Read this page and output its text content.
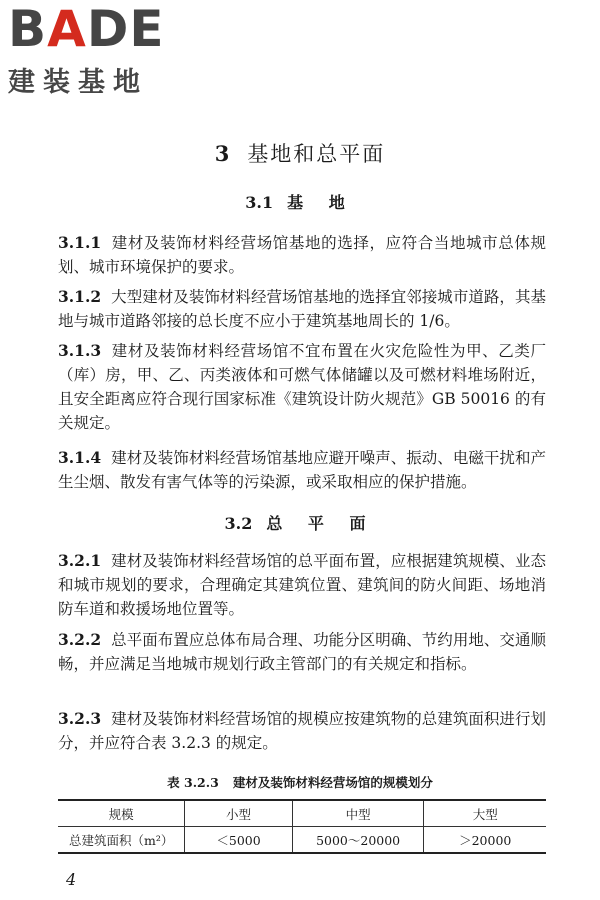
BADE
建装基地
3 基地和总平面
3.1 基 地
3.1.1 建材及装饰材料经营场馆基地的选择，应符合当地城市总体规划、城市环境保护的要求。
3.1.2 大型建材及装饰材料经营场馆基地的选择宜邻接城市道路，其基地与城市道路邻接的总长度不应小于建筑基地周长的 1/6。
3.1.3 建材及装饰材料经营场馆不宜布置在火灾危险性为甲、乙类厂（库）房，甲、乙、丙类液体和可燃气体储罐以及可燃材料堆场附近，且安全距离应符合现行国家标准《建筑设计防火规范》GB 50016 的有关规定。
3.1.4 建材及装饰材料经营场馆基地应避开噪声、振动、电磁干扰和产生尘烟、散发有害气体等的污染源，或采取相应的保护措施。
3.2 总 平 面
3.2.1 建材及装饰材料经营场馆的总平面布置，应根据建筑规模、业态和城市规划的要求，合理确定其建筑位置、建筑间的防火间距、场地消防车道和救援场地位置等。
3.2.2 总平面布置应总体布局合理、功能分区明确、节约用地、交通顺畅，并应满足当地城市规划行政主管部门的有关规定和指标。
3.2.3 建材及装饰材料经营场馆的规模应按建筑物的总建筑面积进行划分，并应符合表 3.2.3 的规定。
表 3.2.3 建材及装饰材料经营场馆的规模划分
规模	小型	中型	大型
总建筑面积（m²）	＜5000	5000～20000	＞20000
4
